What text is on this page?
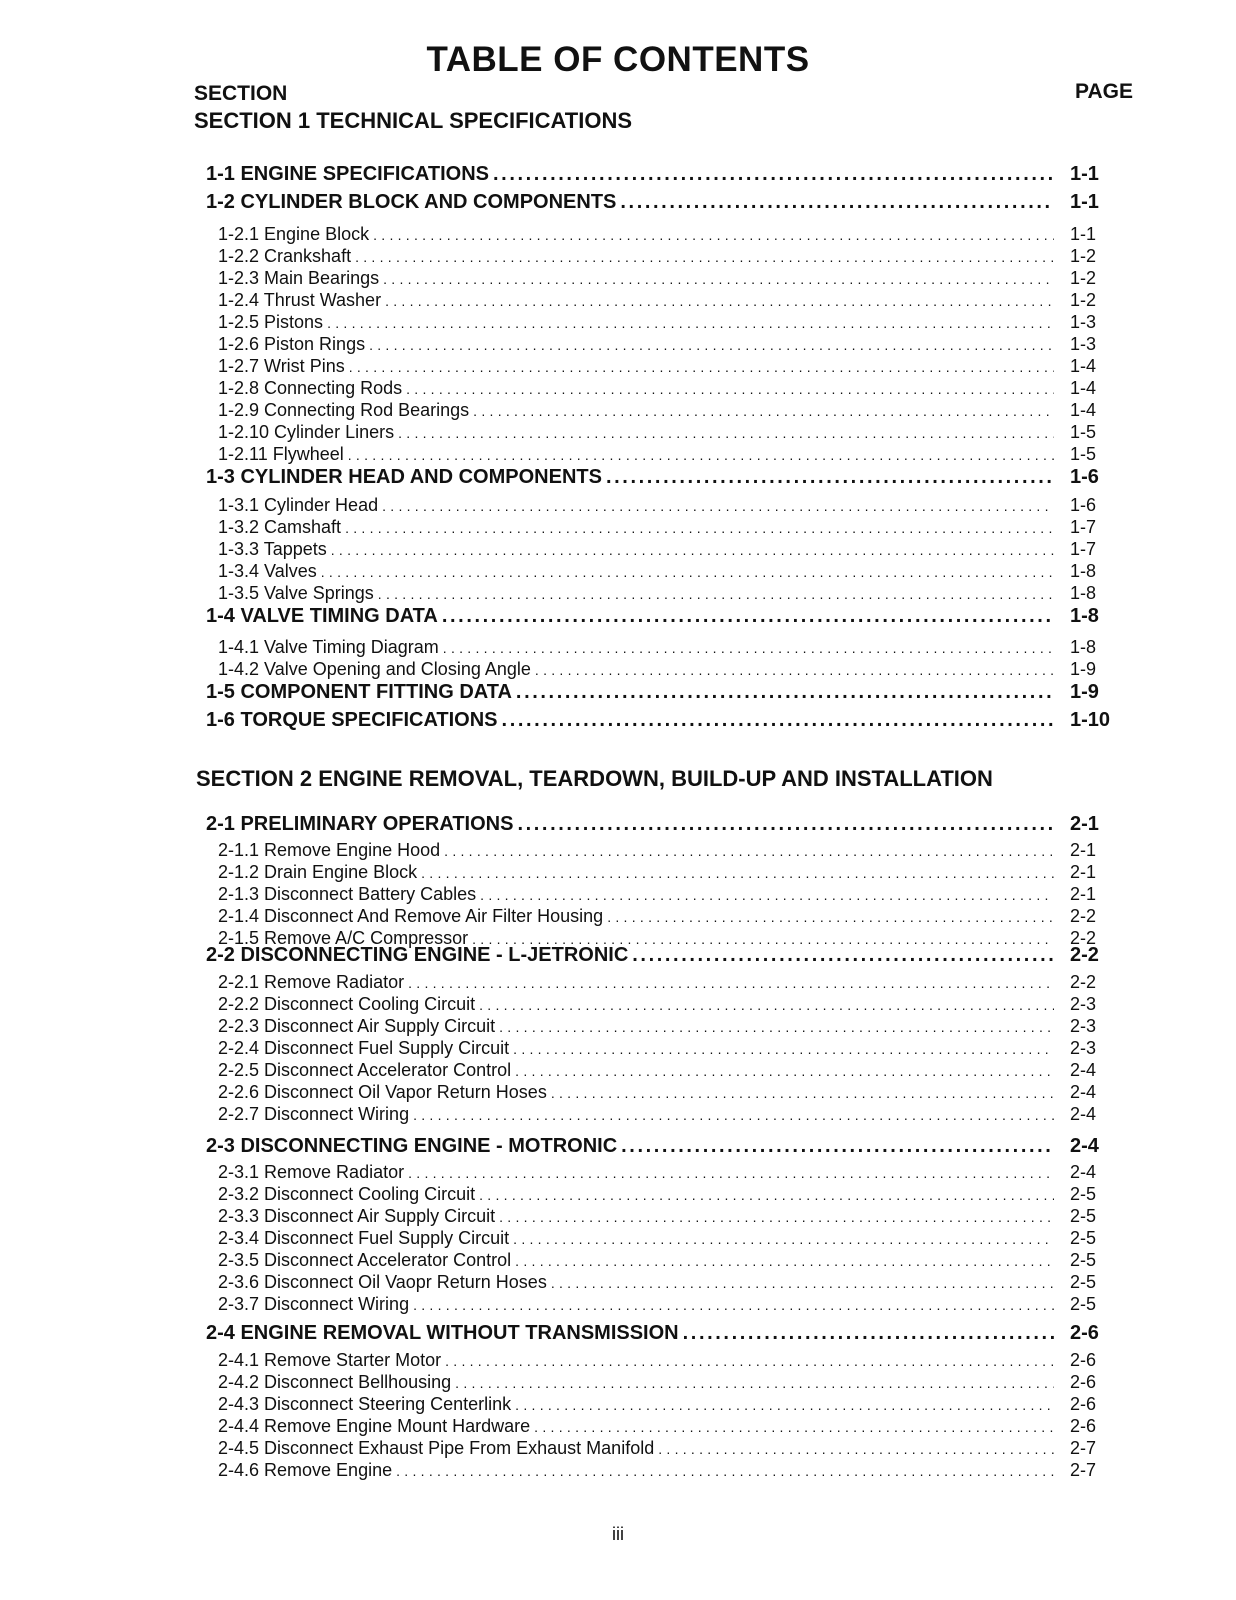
TABLE OF CONTENTS
SECTION	PAGE
SECTION 1 TECHNICAL SPECIFICATIONS
1-1 ENGINE SPECIFICATIONS .....	1-1
1-2 CYLINDER BLOCK AND COMPONENTS .....	1-1
1-2.1 Engine Block . . .	1-1
1-2.2 Crankshaft . . .	1-2
1-2.3 Main Bearings . . .	1-2
1-2.4 Thrust Washer . . .	1-2
1-2.5 Pistons . . .	1-3
1-2.6 Piston Rings . . .	1-3
1-2.7 Wrist Pins . . .	1-4
1-2.8 Connecting Rods . . .	1-4
1-2.9 Connecting Rod Bearings . . .	1-4
1-2.10 Cylinder Liners . . .	1-5
1-2.11 Flywheel . . .	1-5
1-3 CYLINDER HEAD AND COMPONENTS .....	1-6
1-3.1 Cylinder Head . . .	1-6
1-3.2 Camshaft . . .	1-7
1-3.3 Tappets . . .	1-7
1-3.4 Valves . . .	1-8
1-3.5 Valve Springs . . .	1-8
1-4 VALVE TIMING DATA .....	1-8
1-4.1 Valve Timing Diagram . . .	1-8
1-4.2 Valve Opening and Closing Angle . . .	1-9
1-5 COMPONENT FITTING DATA .....	1-9
1-6 TORQUE SPECIFICATIONS .....	1-10
SECTION 2 ENGINE REMOVAL, TEARDOWN, BUILD-UP AND INSTALLATION
2-1 PRELIMINARY OPERATIONS .....	2-1
2-1.1 Remove Engine Hood . . .	2-1
2-1.2 Drain Engine Block . . .	2-1
2-1.3 Disconnect Battery Cables . . .	2-1
2-1.4 Disconnect And Remove Air Filter Housing . . .	2-2
2-1.5 Remove A/C Compressor . . .	2-2
2-2 DISCONNECTING ENGINE - L-JETRONIC .....	2-2
2-2.1 Remove Radiator . . .	2-2
2-2.2 Disconnect Cooling Circuit . . .	2-3
2-2.3 Disconnect Air Supply Circuit . . .	2-3
2-2.4 Disconnect Fuel Supply Circuit . . .	2-3
2-2.5 Disconnect Accelerator Control . . .	2-4
2-2.6 Disconnect Oil Vapor Return Hoses . . .	2-4
2-2.7 Disconnect Wiring . . .	2-4
2-3 DISCONNECTING ENGINE - MOTRONIC .....	2-4
2-3.1 Remove Radiator . . .	2-4
2-3.2 Disconnect Cooling Circuit . . .	2-5
2-3.3 Disconnect Air Supply Circuit . . .	2-5
2-3.4 Disconnect Fuel Supply Circuit . . .	2-5
2-3.5 Disconnect Accelerator Control . . .	2-5
2-3.6 Disconnect Oil Vaopr Return Hoses . . .	2-5
2-3.7 Disconnect Wiring . . .	2-5
2-4 ENGINE REMOVAL WITHOUT TRANSMISSION .....	2-6
2-4.1 Remove Starter Motor . . .	2-6
2-4.2 Disconnect Bellhousing . . .	2-6
2-4.3 Disconnect Steering Centerlink . . .	2-6
2-4.4 Remove Engine Mount Hardware . . .	2-6
2-4.5 Disconnect Exhaust Pipe From Exhaust Manifold . . .	2-7
2-4.6 Remove Engine . . .	2-7
iii
